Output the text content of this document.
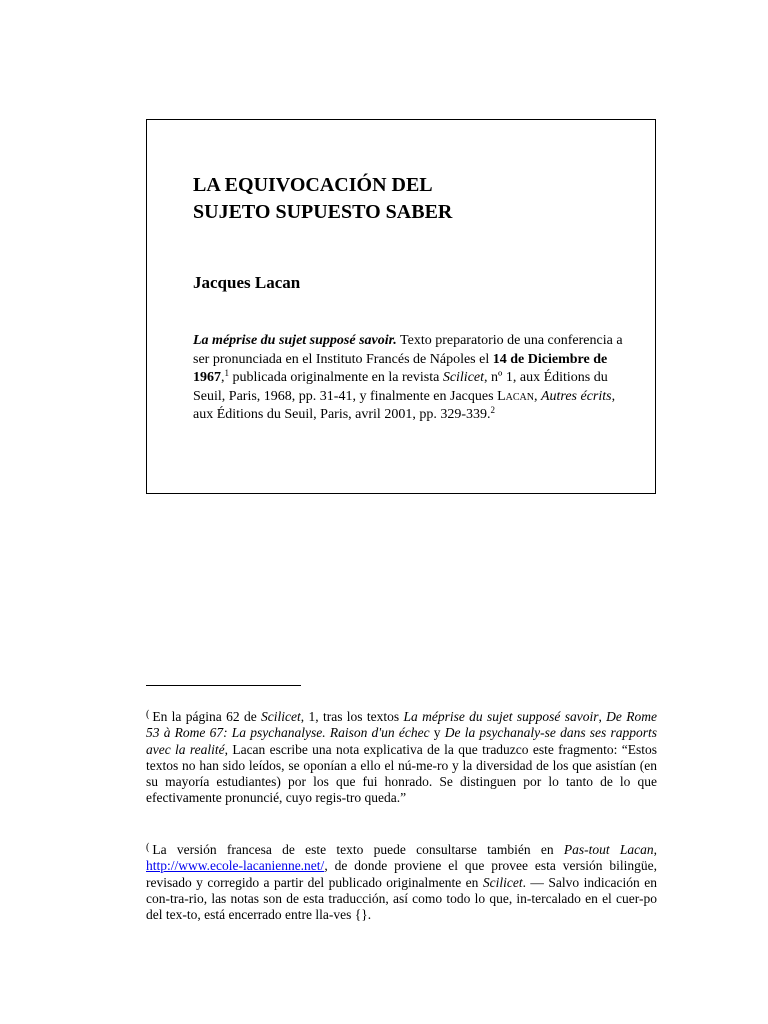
LA EQUIVOCACIÓN DEL
SUJETO SUPUESTO SABER

Jacques Lacan

La méprise du sujet supposé savoir. Texto preparatorio de una conferencia a ser pronunciada en el Instituto Francés de Nápoles el 14 de Diciembre de 1967,$^1$ publicada originalmente en la revista Scilicet, nº 1, aux Éditions du Seuil, Paris, 1968, pp. 31-41, y finalmente en Jacques Lacan, Autres écrits, aux Éditions du Seuil, Paris, avril 2001, pp. 329-339.$^2$

( En la página 62 de Scilicet, 1, tras los textos La méprise du sujet supposé savoir, De Rome 53 à Rome 67: La psychanalyse. Raison d'un échec y De la psychanaly-se dans ses rapports avec la realité, Lacan escribe una nota explicativa de la que traduzco este fragmento: “Estos textos no han sido leídos, se oponían a ello el nú-me-ro y la diversidad de los que asistían (en su mayoría estudiantes) por los que fui honrado. Se distinguen por lo tanto de lo que efectivamente pronuncié, cuyo regis-tro queda.”

( La versión francesa de este texto puede consultarse también en Pas-tout Lacan, http://www.ecole-lacanienne.net/, de donde proviene el que provee esta versión bilingüe, revisado y corregido a partir del publicado originalmente en Scilicet. — Salvo indicación en con-tra-rio, las notas son de esta traducción, así como todo lo que, in-tercalado en el cuer-po del tex-to, está encerrado entre lla-ves {}.
